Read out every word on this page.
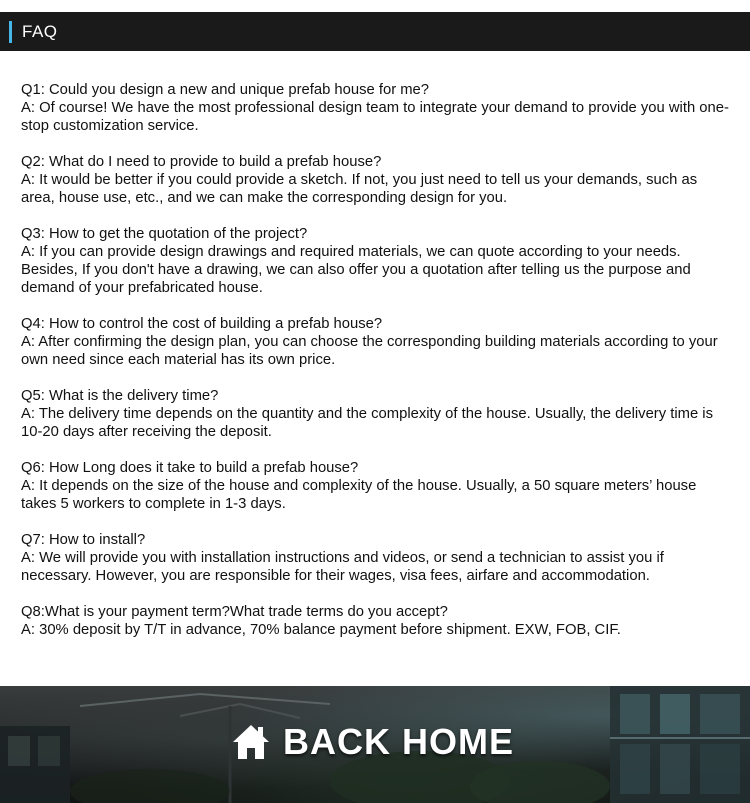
FAQ
Q1: Could you design a new and unique prefab house for me?
A: Of course! We have the most professional design team to integrate your demand to provide you with one-stop customization service.
Q2: What do I need to provide to build a prefab house?
A: It would be better if you could provide a sketch. If not, you just need to tell us your demands, such as area, house use, etc., and we can make the corresponding design for you.
Q3: How to get the quotation of the project?
A: If you can provide design drawings and required materials, we can quote according to your needs. Besides, If you don't have a drawing, we can also offer you a quotation after telling us the purpose and demand of your prefabricated house.
Q4: How to control the cost of building a prefab house?
A: After confirming the design plan, you can choose the corresponding building materials according to your own need since each material has its own price.
Q5: What is the delivery time?
A: The delivery time depends on the quantity and the complexity of the house. Usually, the delivery time is 10-20 days after receiving the deposit.
Q6: How Long does it take to build a prefab house?
A: It depends on the size of the house and complexity of the house. Usually, a 50 square meters’ house takes 5 workers to complete in 1-3 days.
Q7: How to install?
A: We will provide you with installation instructions and videos, or send a technician to assist you if necessary. However, you are responsible for their wages, visa fees, airfare and accommodation.
Q8:What is your payment term?What trade terms do you accept?
A: 30% deposit by T/T in advance, 70% balance payment before shipment. EXW, FOB, CIF.
BACK HOME
